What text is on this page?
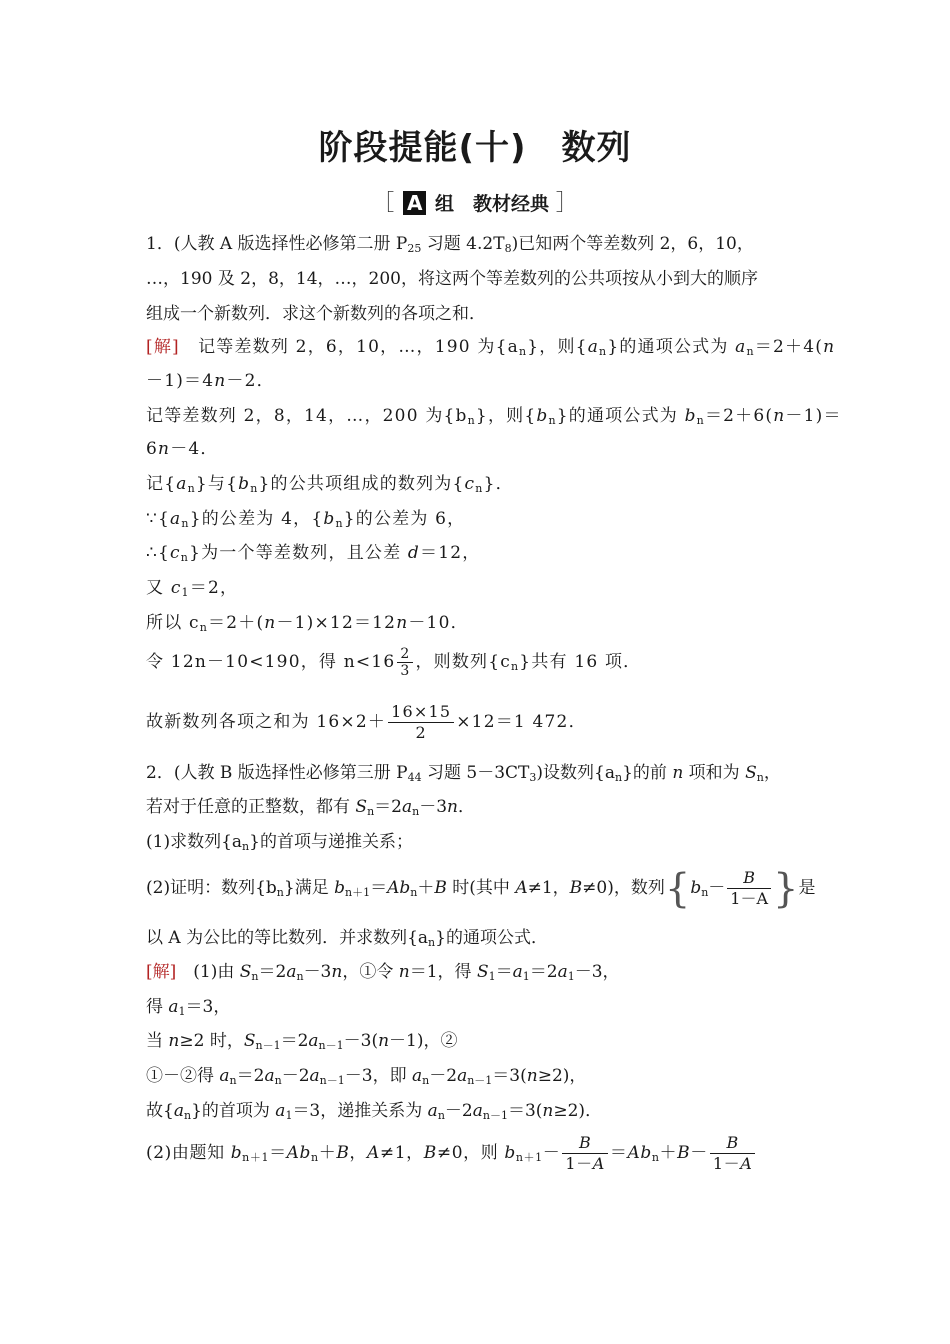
阶段提能(十)　数列
［ A 组　教材经典 ］
1．(人教 A 版选择性必修第二册 $P_{25}$ 习题 $4.2T_8$)已知两个等差数列 2，6，10，
…，190 及 2，8，14，…，200，将这两个等差数列的公共项按从小到大的顺序
组成一个新数列．求这个新数列的各项之和．
[解]　 记等差数列 2，6，10，…，190 为$\{a_n\}$，则$\{a_n\}$的通项公式为 $a_n=2+4(n$
－1)＝4n－2．
记等差数列 2，8，14，…，200 为$\{b_n\}$，则$\{b_n\}$的通项公式为 $b_n=2+6(n-1)=$
6n－4．
记$\{a_n\}$与$\{b_n\}$的公共项组成的数列为$\{c_n\}$．
$\because\{a_n\}$的公差为 4，$\{b_n\}$的公差为 6，
$\therefore\{c_n\}$为一个等差数列，且公差 d＝12，
又 $c_1=2$，
所以 $c_n=2+(n-1)\times 12=12n-10$．
令 12n－10<190，得 $n<16 \frac{2}{3}$ ，则数列$\{c_n\}$共有 16 项．
故新数列各项之和为 $16\times 2+ \frac{16\times 15}{2} \times 12=1$ 472．
2．(人教 B 版选择性必修第三册 $P_{44}$ 习题 $5-3CT_3$)设数列$\{a_n\}$的前 n 项和为 $S_n$，
若对于任意的正整数，都有 $S_n=2a_n-3n$．
(1)求数列$\{a_n\}$的首项与递推关系；
(2)证明：数列$\{b_n\}$满足 $b_{n+1}=Ab_n+B$ 时(其中 A≠1，B≠0)，数列{$b_n- \frac{B}{1-A}$ }是
以 A 为公比的等比数列．并求数列$\{a_n\}$的通项公式．
[解]　(1)由 $S_n=2a_n-3n$，①令 n＝1，得 $S_1=a_1=2a_1-3$，
得 $a_1=3$，
当 n≥2 时，$S_{n-1}=2a_{n-1}-3(n-1)$，②
①－②得 $a_n=2a_n-2a_{n-1}-3$，即 $a_n-2a_{n-1}=3(n\ge 2)$，
故$\{a_n\}$的首项为 $a_1=3$，递推关系为 $a_n-2a_{n-1}=3(n\ge 2)$．
(2)由题知 $b_{n+1}=Ab_n+B$，A≠1，B≠0，则 $b_{n+1}- \frac{B}{1-A} =Ab_n+B- \frac{B}{1-A}$
